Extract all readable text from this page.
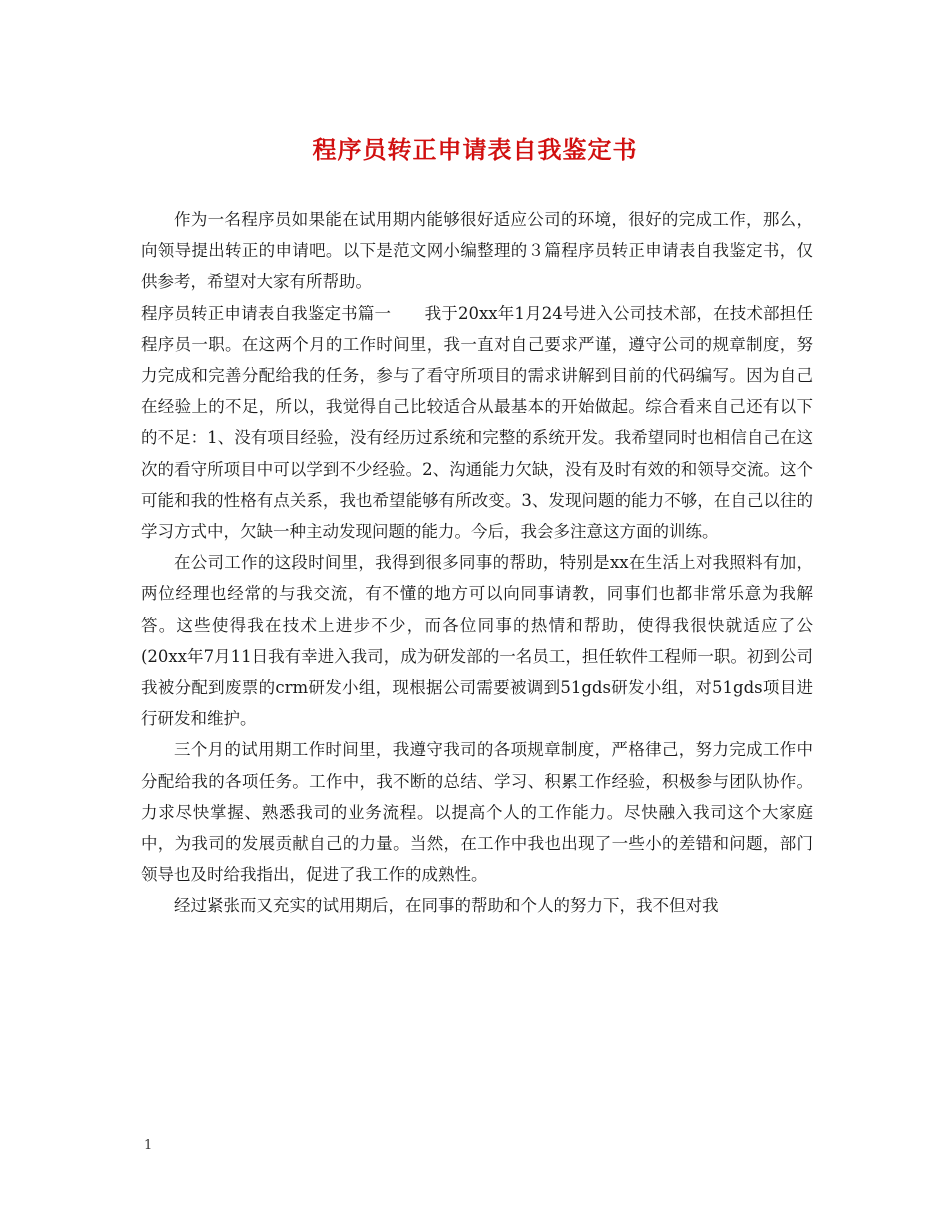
程序员转正申请表自我鉴定书

作为一名程序员如果能在试用期内能够很好适应公司的环境，很好的完成工作，那么，向领导提出转正的申请吧。以下是范文网小编整理的３篇程序员转正申请表自我鉴定书，仅供参考，希望对大家有所帮助。

程序员转正申请表自我鉴定书篇一　　我于20xx年1月24号进入公司技术部，在技术部担任程序员一职。在这两个月的工作时间里，我一直对自己要求严谨，遵守公司的规章制度，努力完成和完善分配给我的任务，参与了看守所项目的需求讲解到目前的代码编写。因为自己在经验上的不足，所以，我觉得自己比较适合从最基本的开始做起。综合看来自己还有以下的不足：1、没有项目经验，没有经历过系统和完整的系统开发。我希望同时也相信自己在这次的看守所项目中可以学到不少经验。2、沟通能力欠缺，没有及时有效的和领导交流。这个可能和我的性格有点关系，我也希望能够有所改变。3、发现问题的能力不够，在自己以往的学习方式中，欠缺一种主动发现问题的能力。今后，我会多注意这方面的训练。

在公司工作的这段时间里，我得到很多同事的帮助，特别是xx在生活上对我照料有加，两位经理也经常的与我交流，有不懂的地方可以向同事请教，同事们也都非常乐意为我解答。这些使得我在技术上进步不少，而各位同事的热情和帮助，使得我很快就适应了公(20xx年7月11日我有幸进入我司，成为研发部的一名员工，担任软件工程师一职。初到公司我被分配到废票的crm研发小组，现根据公司需要被调到51gds研发小组，对51gds项目进行研发和维护。

三个月的试用期工作时间里，我遵守我司的各项规章制度，严格律己，努力完成工作中分配给我的各项任务。工作中，我不断的总结、学习、积累工作经验，积极参与团队协作。力求尽快掌握、熟悉我司的业务流程。以提高个人的工作能力。尽快融入我司这个大家庭中，为我司的发展贡献自己的力量。当然，在工作中我也出现了一些小的差错和问题，部门领导也及时给我指出，促进了我工作的成熟性。

经过紧张而又充实的试用期后，在同事的帮助和个人的努力下，我不但对我

1
